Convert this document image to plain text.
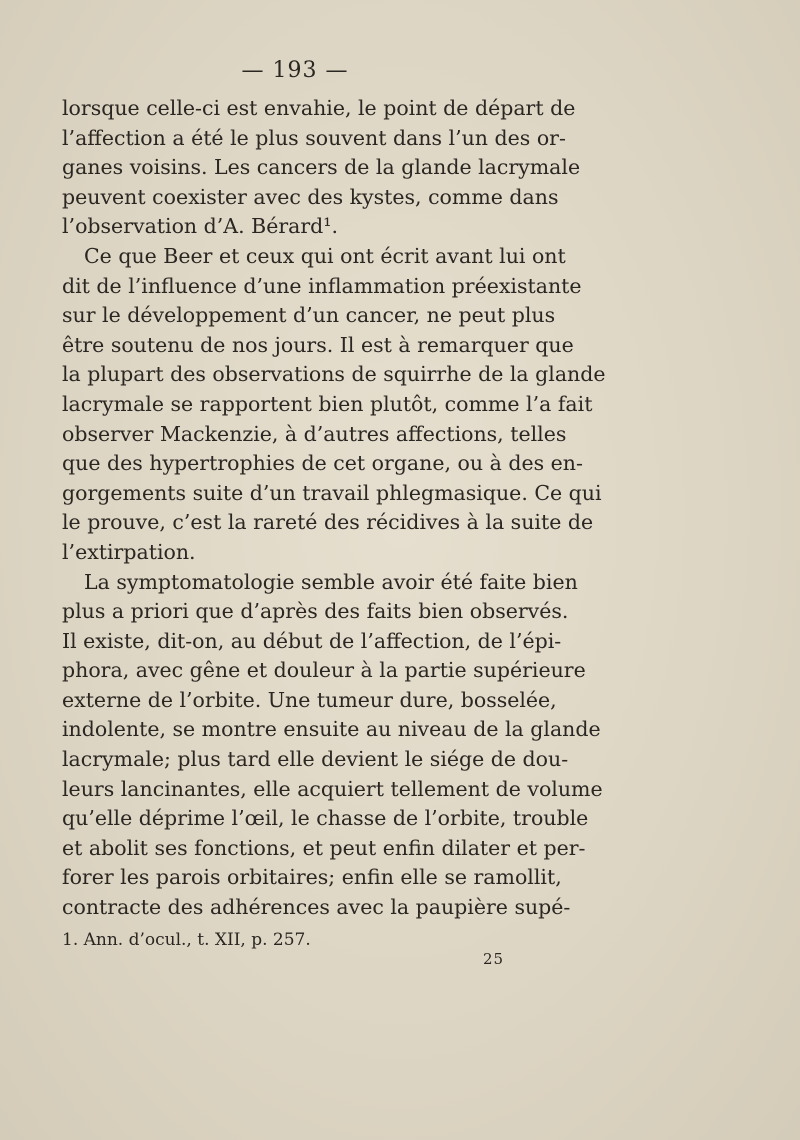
— 193 —
lorsque celle-ci est envahie, le point de départ de
l’affection a été le plus souvent dans l’un des or-
ganes voisins. Les cancers de la glande lacrymale
peuvent coexister avec des kystes, comme dans
l’observation d’A. Bérard¹.
Ce que Beer et ceux qui ont écrit avant lui ont
dit de l’influence d’une inflammation préexistante
sur le développement d’un cancer, ne peut plus
être soutenu de nos jours. Il est à remarquer que
la plupart des observations de squirrhe de la glande
lacrymale se rapportent bien plutôt, comme l’a fait
observer Mackenzie, à d’autres affections, telles
que des hypertrophies de cet organe, ou à des en-
gorgements suite d’un travail phlegmasique. Ce qui
le prouve, c’est la rareté des récidives à la suite de
l’extirpation.
La symptomatologie semble avoir été faite bien
plus a priori que d’après des faits bien observés.
Il existe, dit-on, au début de l’affection, de l’épi-
phora, avec gêne et douleur à la partie supérieure
externe de l’orbite. Une tumeur dure, bosselée,
indolente, se montre ensuite au niveau de la glande
lacrymale; plus tard elle devient le siége de dou-
leurs lancinantes, elle acquiert tellement de volume
qu’elle déprime l’œil, le chasse de l’orbite, trouble
et abolit ses fonctions, et peut enfin dilater et per-
forer les parois orbitaires; enfin elle se ramollit,
contracte des adhérences avec la paupière supé-
1. Ann. d’ocul., t. XII, p. 257.
25
